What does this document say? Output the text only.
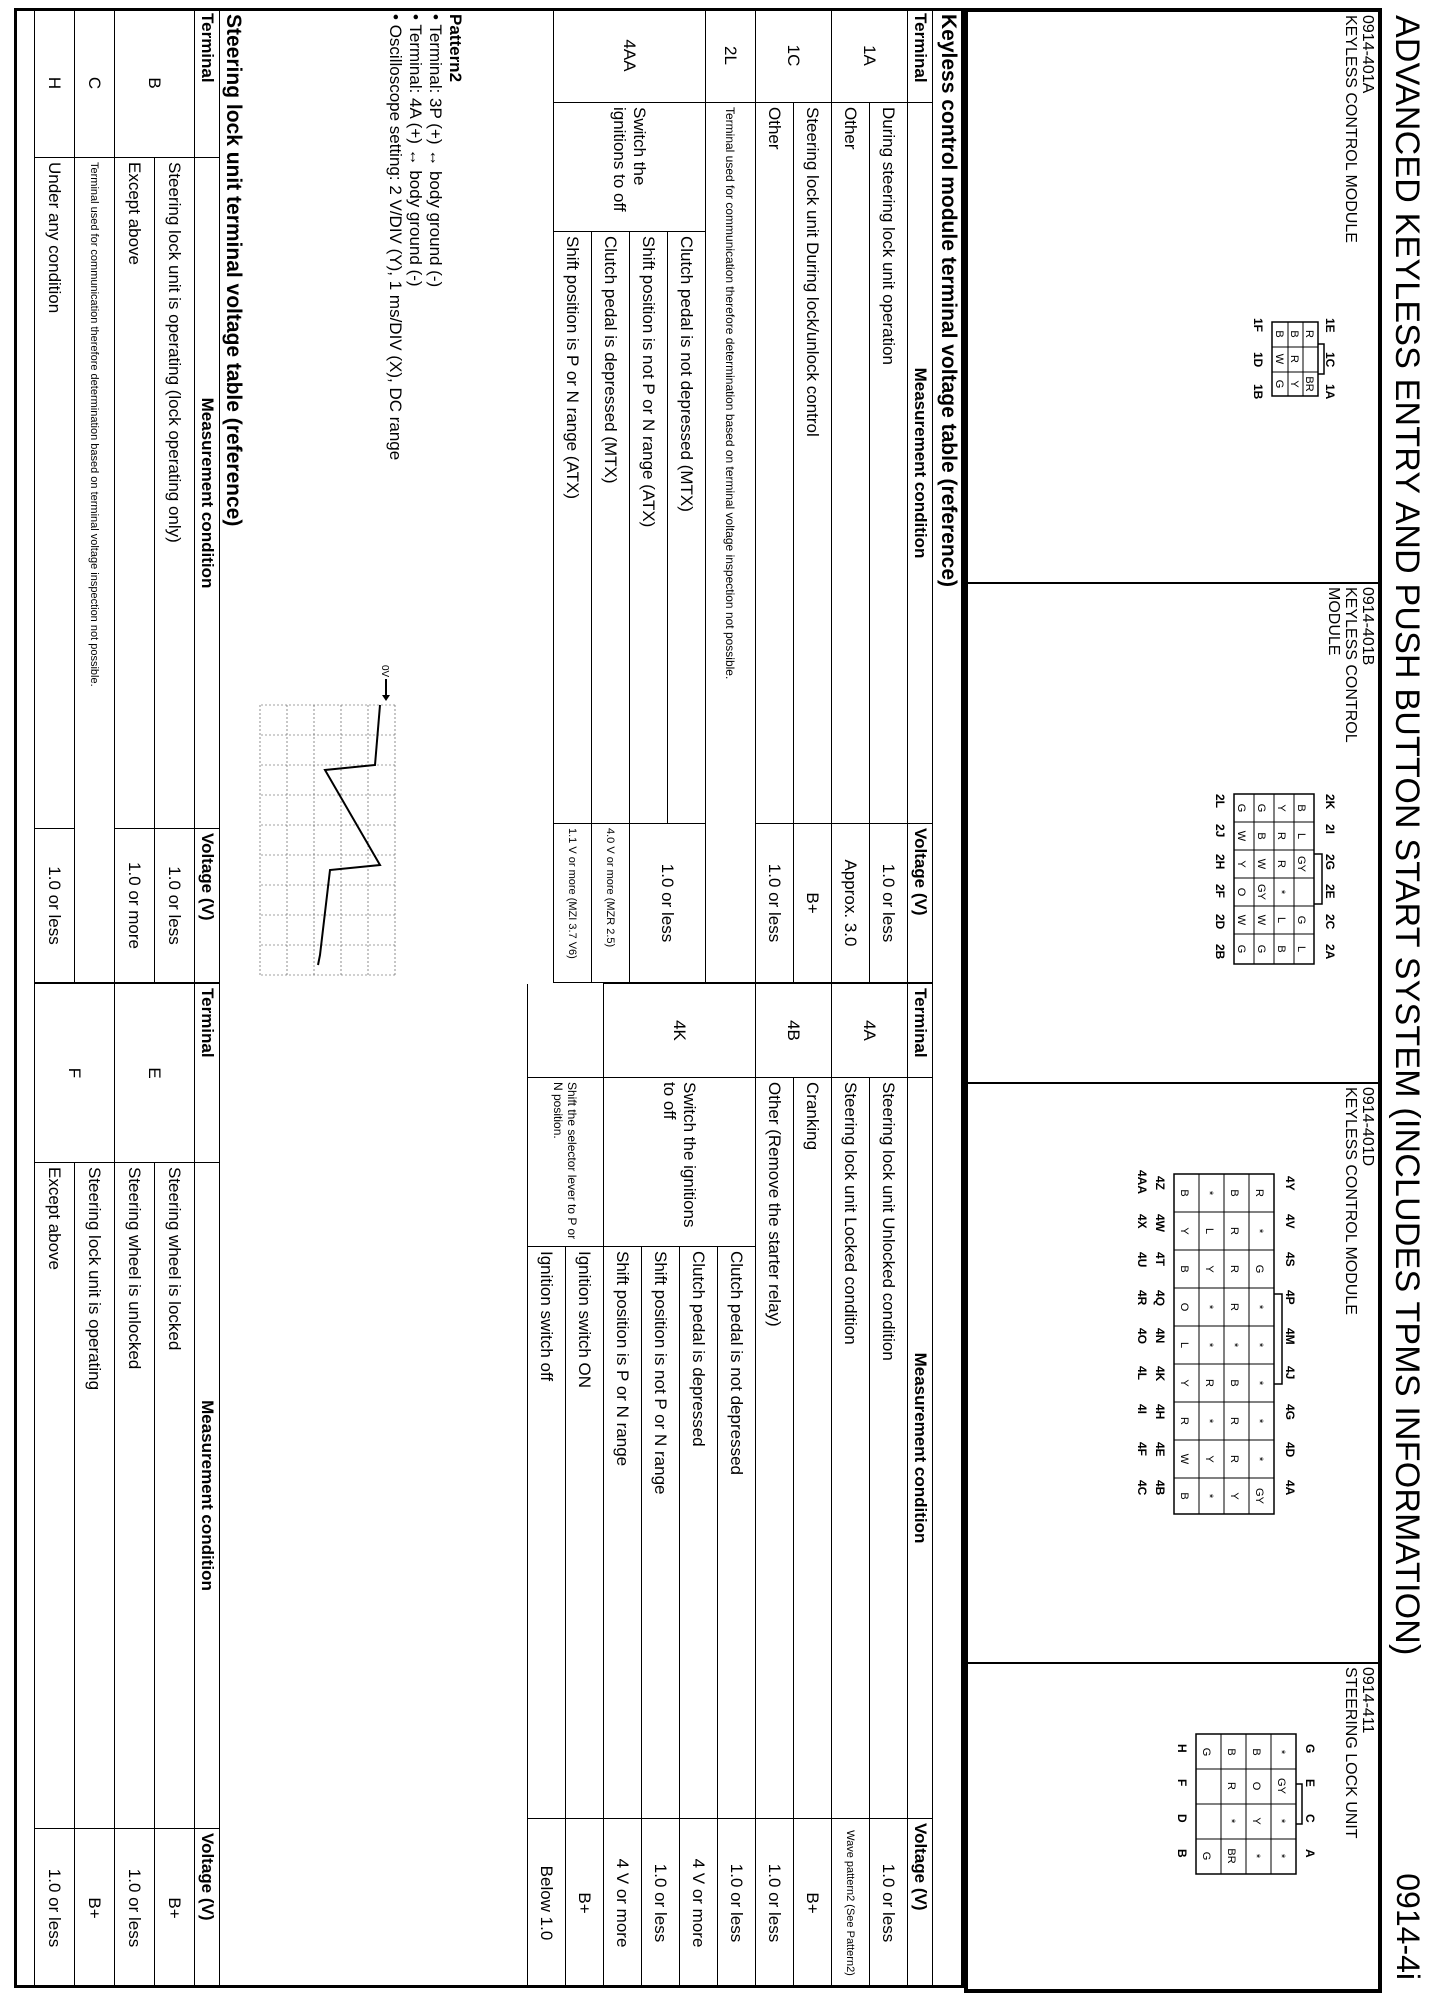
ADVANCED KEYLESS ENTRY AND PUSH BUTTON START SYSTEM (INCLUDES TPMS INFORMATION)
0914-4i
0914-401A
KEYLESS CONTROL MODULE
1E
1C
1A
R
BR
B
R
Y
B
W
G
1F
1D
1B
0914-401B
KEYLESS CONTROL MODULE
2K
2I
2G
2E
2C
2A
B
L
GY
G
L
Y
R
R
*
L
B
G
B
W
GY
W
G
G
W
Y
O
W
G
2L
2J
2H
2F
2D
2B
0914-401D
KEYLESS CONTROL MODULE
4Y
4V
4S
4P
4M
4J
4G
4D
4A
R
*
G
*
*
*
*
*
GY
B
R
R
R
*
B
R
R
Y
*
L
Y
*
*
R
*
Y
*
B
Y
B
O
L
Y
R
W
B
4Z
4W
4T
4Q
4N
4K
4H
4E
4B
4AA
4X
4U
4R
4O
4L
4I
4F
4C
0914-411
STEERING LOCK UNIT
G
E
C
A
*
GY
*
*
B
O
Y
*
B
R
*
BR
G
G
H
F
D
B
Keyless control module terminal voltage table (reference)
Terminal	Measurement condition		Voltage (V)
1A	During steering lock unit operation		1.0 or less
	Other		Approx. 3.0
1C	Steering lock unit During lock/unlock control		B+
	Other		1.0 or less
2L	Terminal used for communication therefore determination based on terminal voltage inspection not possible.		
4AA	Switch the ignitions to off	Clutch pedal is not depressed (MTX)	1.0 or less
		Shift position is not P or N range (ATX)	
		Clutch pedal is depressed (MTX)	4.0 V or more (MZR 2.5)
		Shift position is P or N range (ATX)	1.1 V or more (MZI 3.7 V6)
Terminal	Measurement condition		Voltage (V)
4A	Steering lock unit Unlocked condition		1.0 or less
	Steering lock unit Locked condition		Wave pattern2 (See Pattern2)
4B	Cranking		B+
	Other (Remove the starter relay)		1.0 or less
4K	Switch the ignitions to off	Clutch pedal is not depressed	1.0 or less
		Clutch pedal is depressed	4 V or more
		Shift position is not P or N range	1.0 or less
		Shift position is P or N range	4 V or more
	Shift the selector lever to P or N position.	Ignition switch ON	B+
		Ignition switch off	Below 1.0
Pattern2
• Terminal: 3P (+) ↔ body ground (-)
• Terminal: 4A (+) ↔ body ground (-)
• Oscilloscope setting: 2 V/DIV (Y), 1 ms/DIV (X), DC range
0V
Steering lock unit terminal voltage table (reference)
Terminal	Measurement condition	Voltage (V)
B	Steering lock unit is operating (lock operating only)	1.0 or less
	Except above	1.0 or more
C	Terminal used for communication therefore determination based on terminal voltage inspection not possible.	
H	Under any condition	1.0 or less
Terminal	Measurement condition	Voltage (V)
E	Steering wheel is locked	B+
	Steering wheel is unlocked	1.0 or less
F	Steering lock unit is operating	B+
	Except above	1.0 or less
